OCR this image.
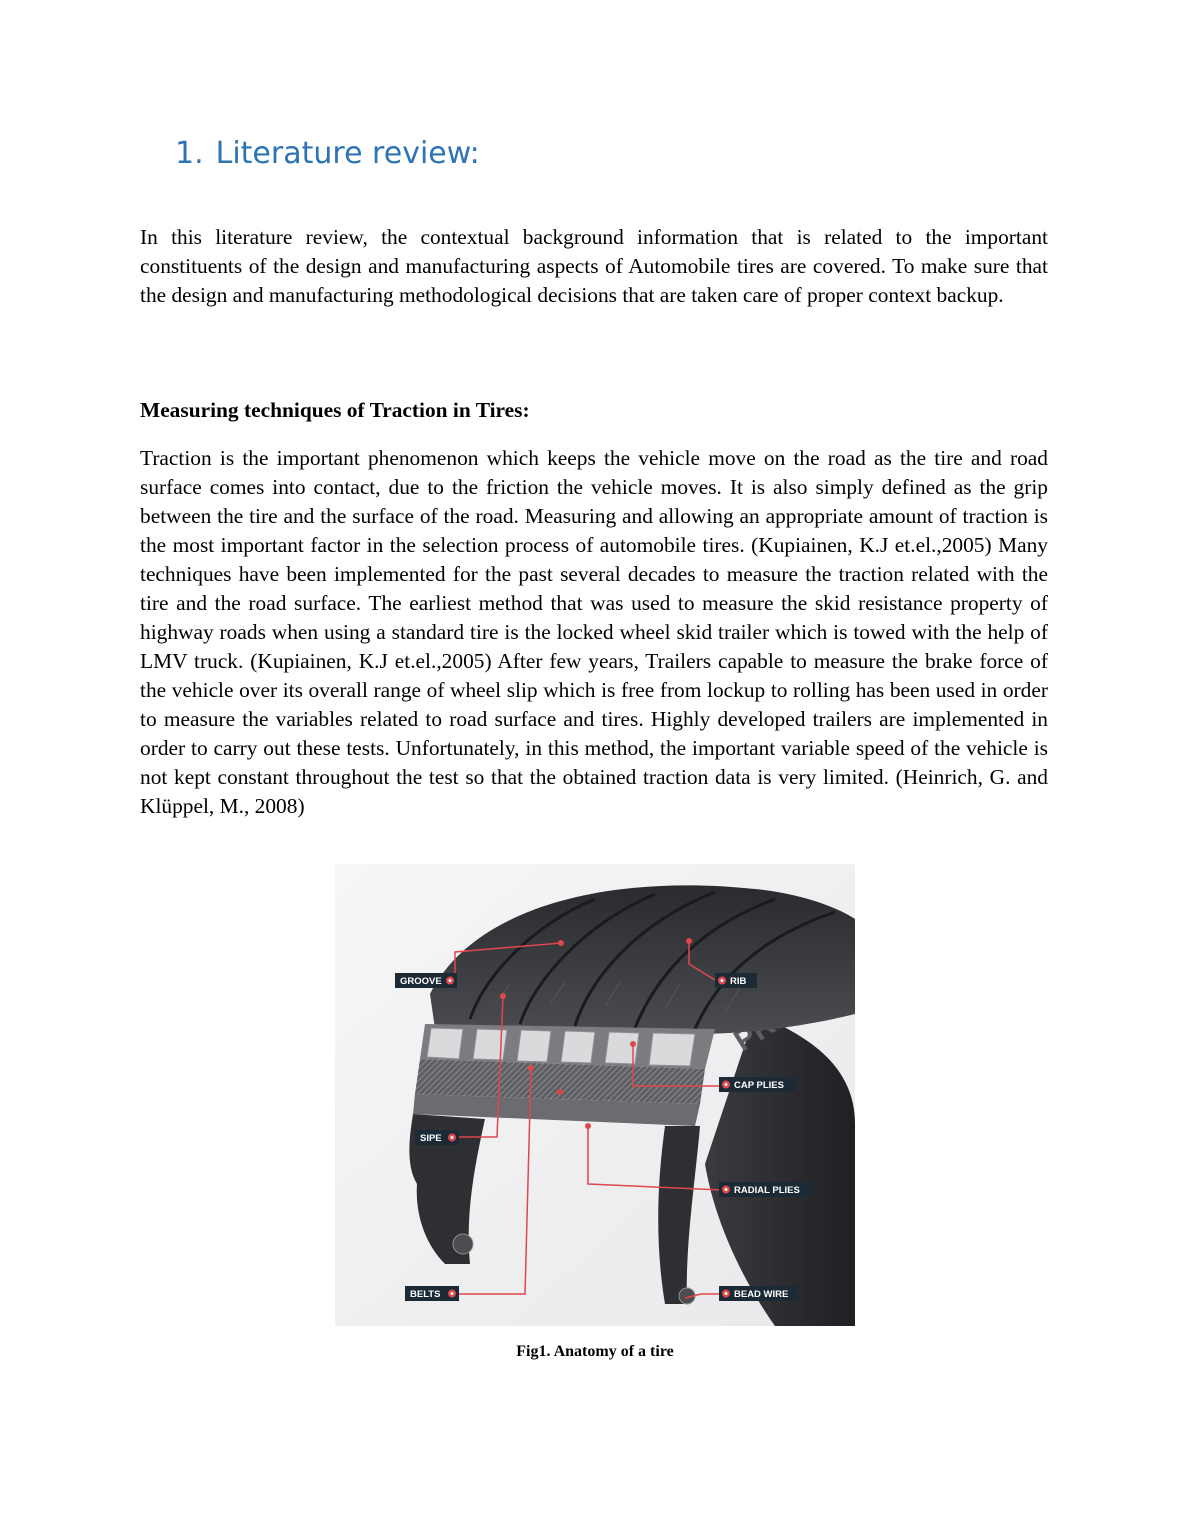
1. Literature review:

In this literature review, the contextual background information that is related to the important constituents of the design and manufacturing aspects of Automobile tires are covered. To make sure that the design and manufacturing methodological decisions that are taken care of proper context backup.

Measuring techniques of Traction in Tires:

Traction is the important phenomenon which keeps the vehicle move on the road as the tire and road surface comes into contact, due to the friction the vehicle moves. It is also simply defined as the grip between the tire and the surface of the road. Measuring and allowing an appropriate amount of traction is the most important factor in the selection process of automobile tires. (Kupiainen, K.J et.el.,2005) Many techniques have been implemented for the past several decades to measure the traction related with the tire and the road surface. The earliest method that was used to measure the skid resistance property of highway roads when using a standard tire is the locked wheel skid trailer which is towed with the help of LMV truck. (Kupiainen, K.J et.el.,2005) After few years, Trailers capable to measure the brake force of the vehicle over its overall range of wheel slip which is free from lockup to rolling has been used in order to measure the variables related to road surface and tires. Highly developed trailers are implemented in order to carry out these tests. Unfortunately, in this method, the important variable speed of the vehicle is not kept constant throughout the test so that the obtained traction data is very limited. (Heinrich, G. and Klüppel, M., 2008)

GROOVE	RIB
CAP PLIES
SIPE
RADIAL PLIES
BELTS	BEAD WIRE

Fig1. Anatomy of a tire
